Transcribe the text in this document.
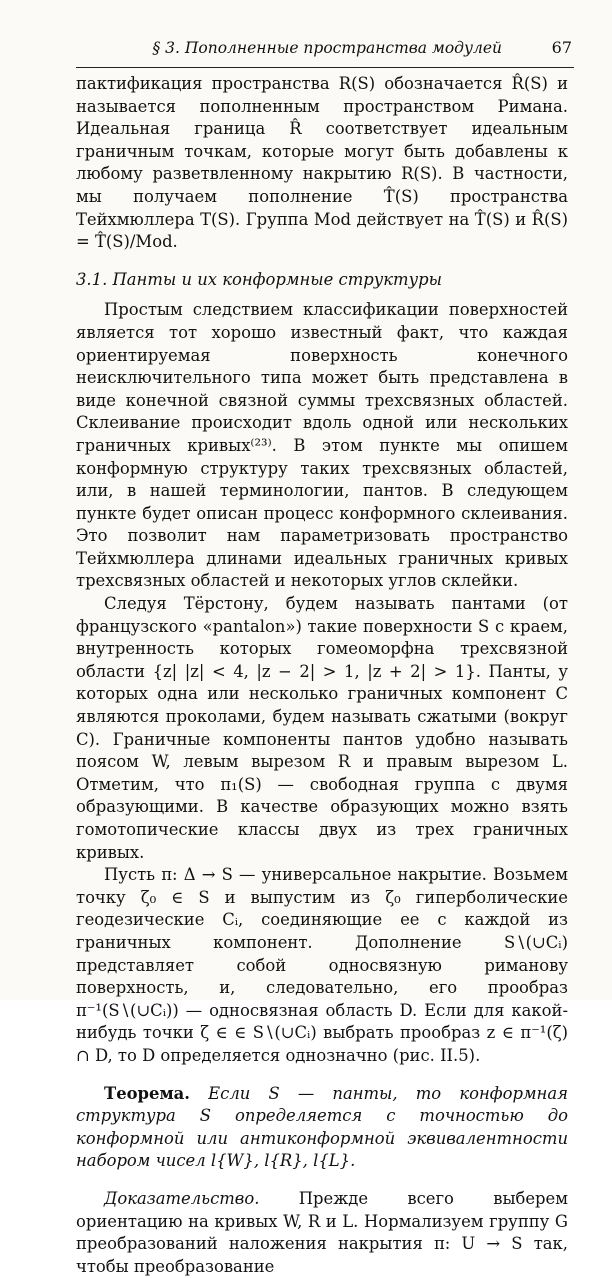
§ 3. Пополненные пространства модулей	67

пактификация пространства R(S) обозначается R̂(S) и называется пополненным пространством Римана. Идеальная граница R̂ соответствует идеальным граничным точкам, которые могут быть добавлены к любому разветвленному накрытию R(S). В частности, мы получаем пополнение T̂(S) пространства Тейхмюллера T(S). Группа Mod действует на T̂(S) и R̂(S) = T̂(S)/Mod.

3.1. Панты и их конформные структуры

Простым следствием классификации поверхностей является тот хорошо известный факт, что каждая ориентируемая поверхность конечного неисключительного типа может быть представлена в виде конечной связной суммы трехсвязных областей. Склеивание происходит вдоль одной или нескольких граничных кривых⁽²³⁾. В этом пункте мы опишем конформную структуру таких трехсвязных областей, или, в нашей терминологии, пантов. В следующем пункте будет описан процесс конформного склеивания. Это позволит нам параметризовать пространство Тейхмюллера длинами идеальных граничных кривых трехсвязных областей и некоторых углов склейки.

Следуя Тёрстону, будем называть пантами (от французского «pantalon») такие поверхности S с краем, внутренность которых гомеоморфна трехсвязной области {z| |z| < 4, |z − 2| > 1, |z + 2| > 1}. Панты, у которых одна или несколько граничных компонент C являются проколами, будем называть сжатыми (вокруг C). Граничные компоненты пантов удобно называть поясом W, левым вырезом R и правым вырезом L. Отметим, что π₁(S) — свободная группа с двумя образующими. В качестве образующих можно взять гомотопические классы двух из трех граничных кривых.

Пусть π: Δ → S — универсальное накрытие. Возьмем точку ζ₀ ∈ S и выпустим из ζ₀ гиперболические геодезические Cᵢ, соединяющие ее с каждой из граничных компонент. Дополнение S∖(∪Cᵢ) представляет собой односвязную риманову поверхность, и, следовательно, его прообраз π⁻¹(S∖(∪Cᵢ)) — односвязная область D. Если для какой-нибудь точки ζ ∈ ∈ S∖(∪Cᵢ) выбрать прообраз z ∈ π⁻¹(ζ) ∩ D, то D определяется однозначно (рис. II.5).

Теорема. Если S — панты, то конформная структура S определяется с точностью до конформной или антиконформной эквивалентности набором чисел l{W}, l{R}, l{L}.

Доказательство. Прежде всего выберем ориентацию на кривых W, R и L. Нормализуем группу G преобразований наложения накрытия π: U → S так, чтобы преобразование
